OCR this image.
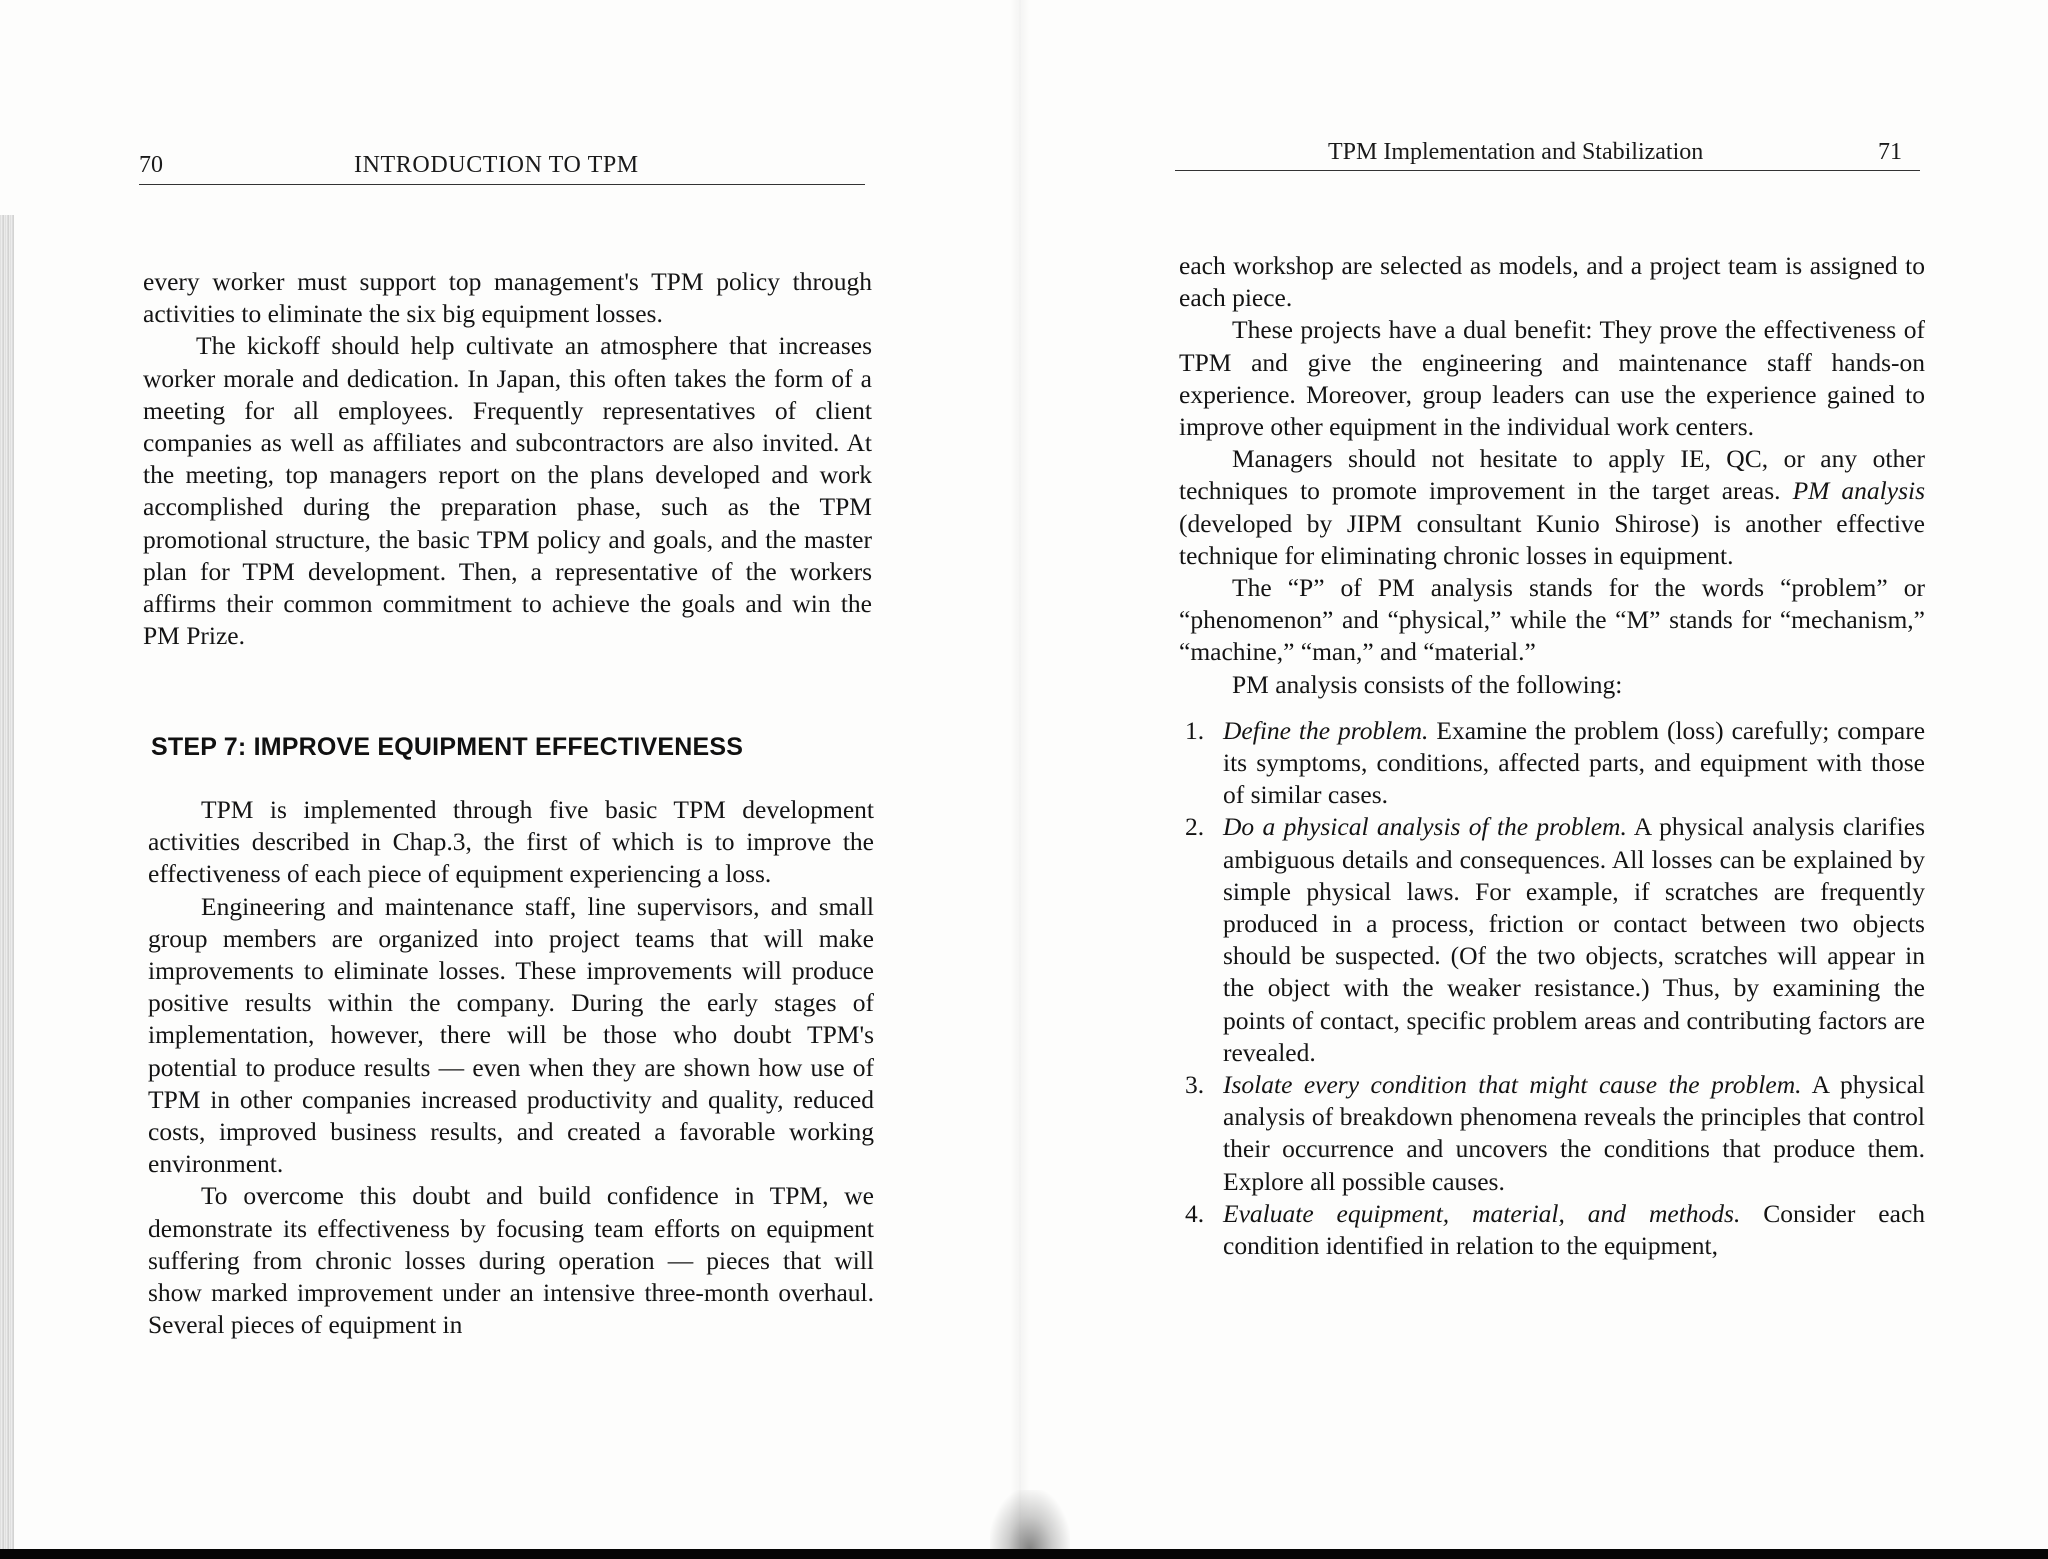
70	INTRODUCTION TO TPM

every worker must support top management's TPM policy through activities to eliminate the six big equipment losses.

The kickoff should help cultivate an atmosphere that increases worker morale and dedication. In Japan, this often takes the form of a meeting for all employees. Frequently representatives of client companies as well as affiliates and subcontractors are also invited. At the meeting, top managers report on the plans developed and work accomplished during the preparation phase, such as the TPM promotional structure, the basic TPM policy and goals, and the master plan for TPM development. Then, a representative of the workers affirms their common commitment to achieve the goals and win the PM Prize.

STEP 7: IMPROVE EQUIPMENT EFFECTIVENESS

TPM is implemented through five basic TPM development activities described in Chap.3, the first of which is to improve the effectiveness of each piece of equipment experiencing a loss.

Engineering and maintenance staff, line supervisors, and small group members are organized into project teams that will make improvements to eliminate losses. These improvements will produce positive results within the company. During the early stages of implementation, however, there will be those who doubt TPM's potential to produce results — even when they are shown how use of TPM in other companies increased productivity and quality, reduced costs, improved business results, and created a favorable working environment.

To overcome this doubt and build confidence in TPM, we demonstrate its effectiveness by focusing team efforts on equipment suffering from chronic losses during operation — pieces that will show marked improvement under an intensive three-month overhaul. Several pieces of equipment in

TPM Implementation and Stabilization	71

each workshop are selected as models, and a project team is assigned to each piece.

These projects have a dual benefit: They prove the effectiveness of TPM and give the engineering and maintenance staff hands-on experience. Moreover, group leaders can use the experience gained to improve other equipment in the individual work centers.

Managers should not hesitate to apply IE, QC, or any other techniques to promote improvement in the target areas. PM analysis (developed by JIPM consultant Kunio Shirose) is another effective technique for eliminating chronic losses in equipment.

The “P” of PM analysis stands for the words “problem” or “phenomenon” and “physical,” while the “M” stands for “mechanism,” “machine,” “man,” and “material.”

PM analysis consists of the following:

1. Define the problem. Examine the problem (loss) carefully; compare its symptoms, conditions, affected parts, and equipment with those of similar cases.
2. Do a physical analysis of the problem. A physical analysis clarifies ambiguous details and consequences. All losses can be explained by simple physical laws. For example, if scratches are frequently produced in a process, friction or contact between two objects should be suspected. (Of the two objects, scratches will appear in the object with the weaker resistance.) Thus, by examining the points of contact, specific problem areas and contributing factors are revealed.
3. Isolate every condition that might cause the problem. A physical analysis of breakdown phenomena reveals the principles that control their occurrence and uncovers the conditions that produce them. Explore all possible causes.
4. Evaluate equipment, material, and methods. Consider each condition identified in relation to the equipment,
